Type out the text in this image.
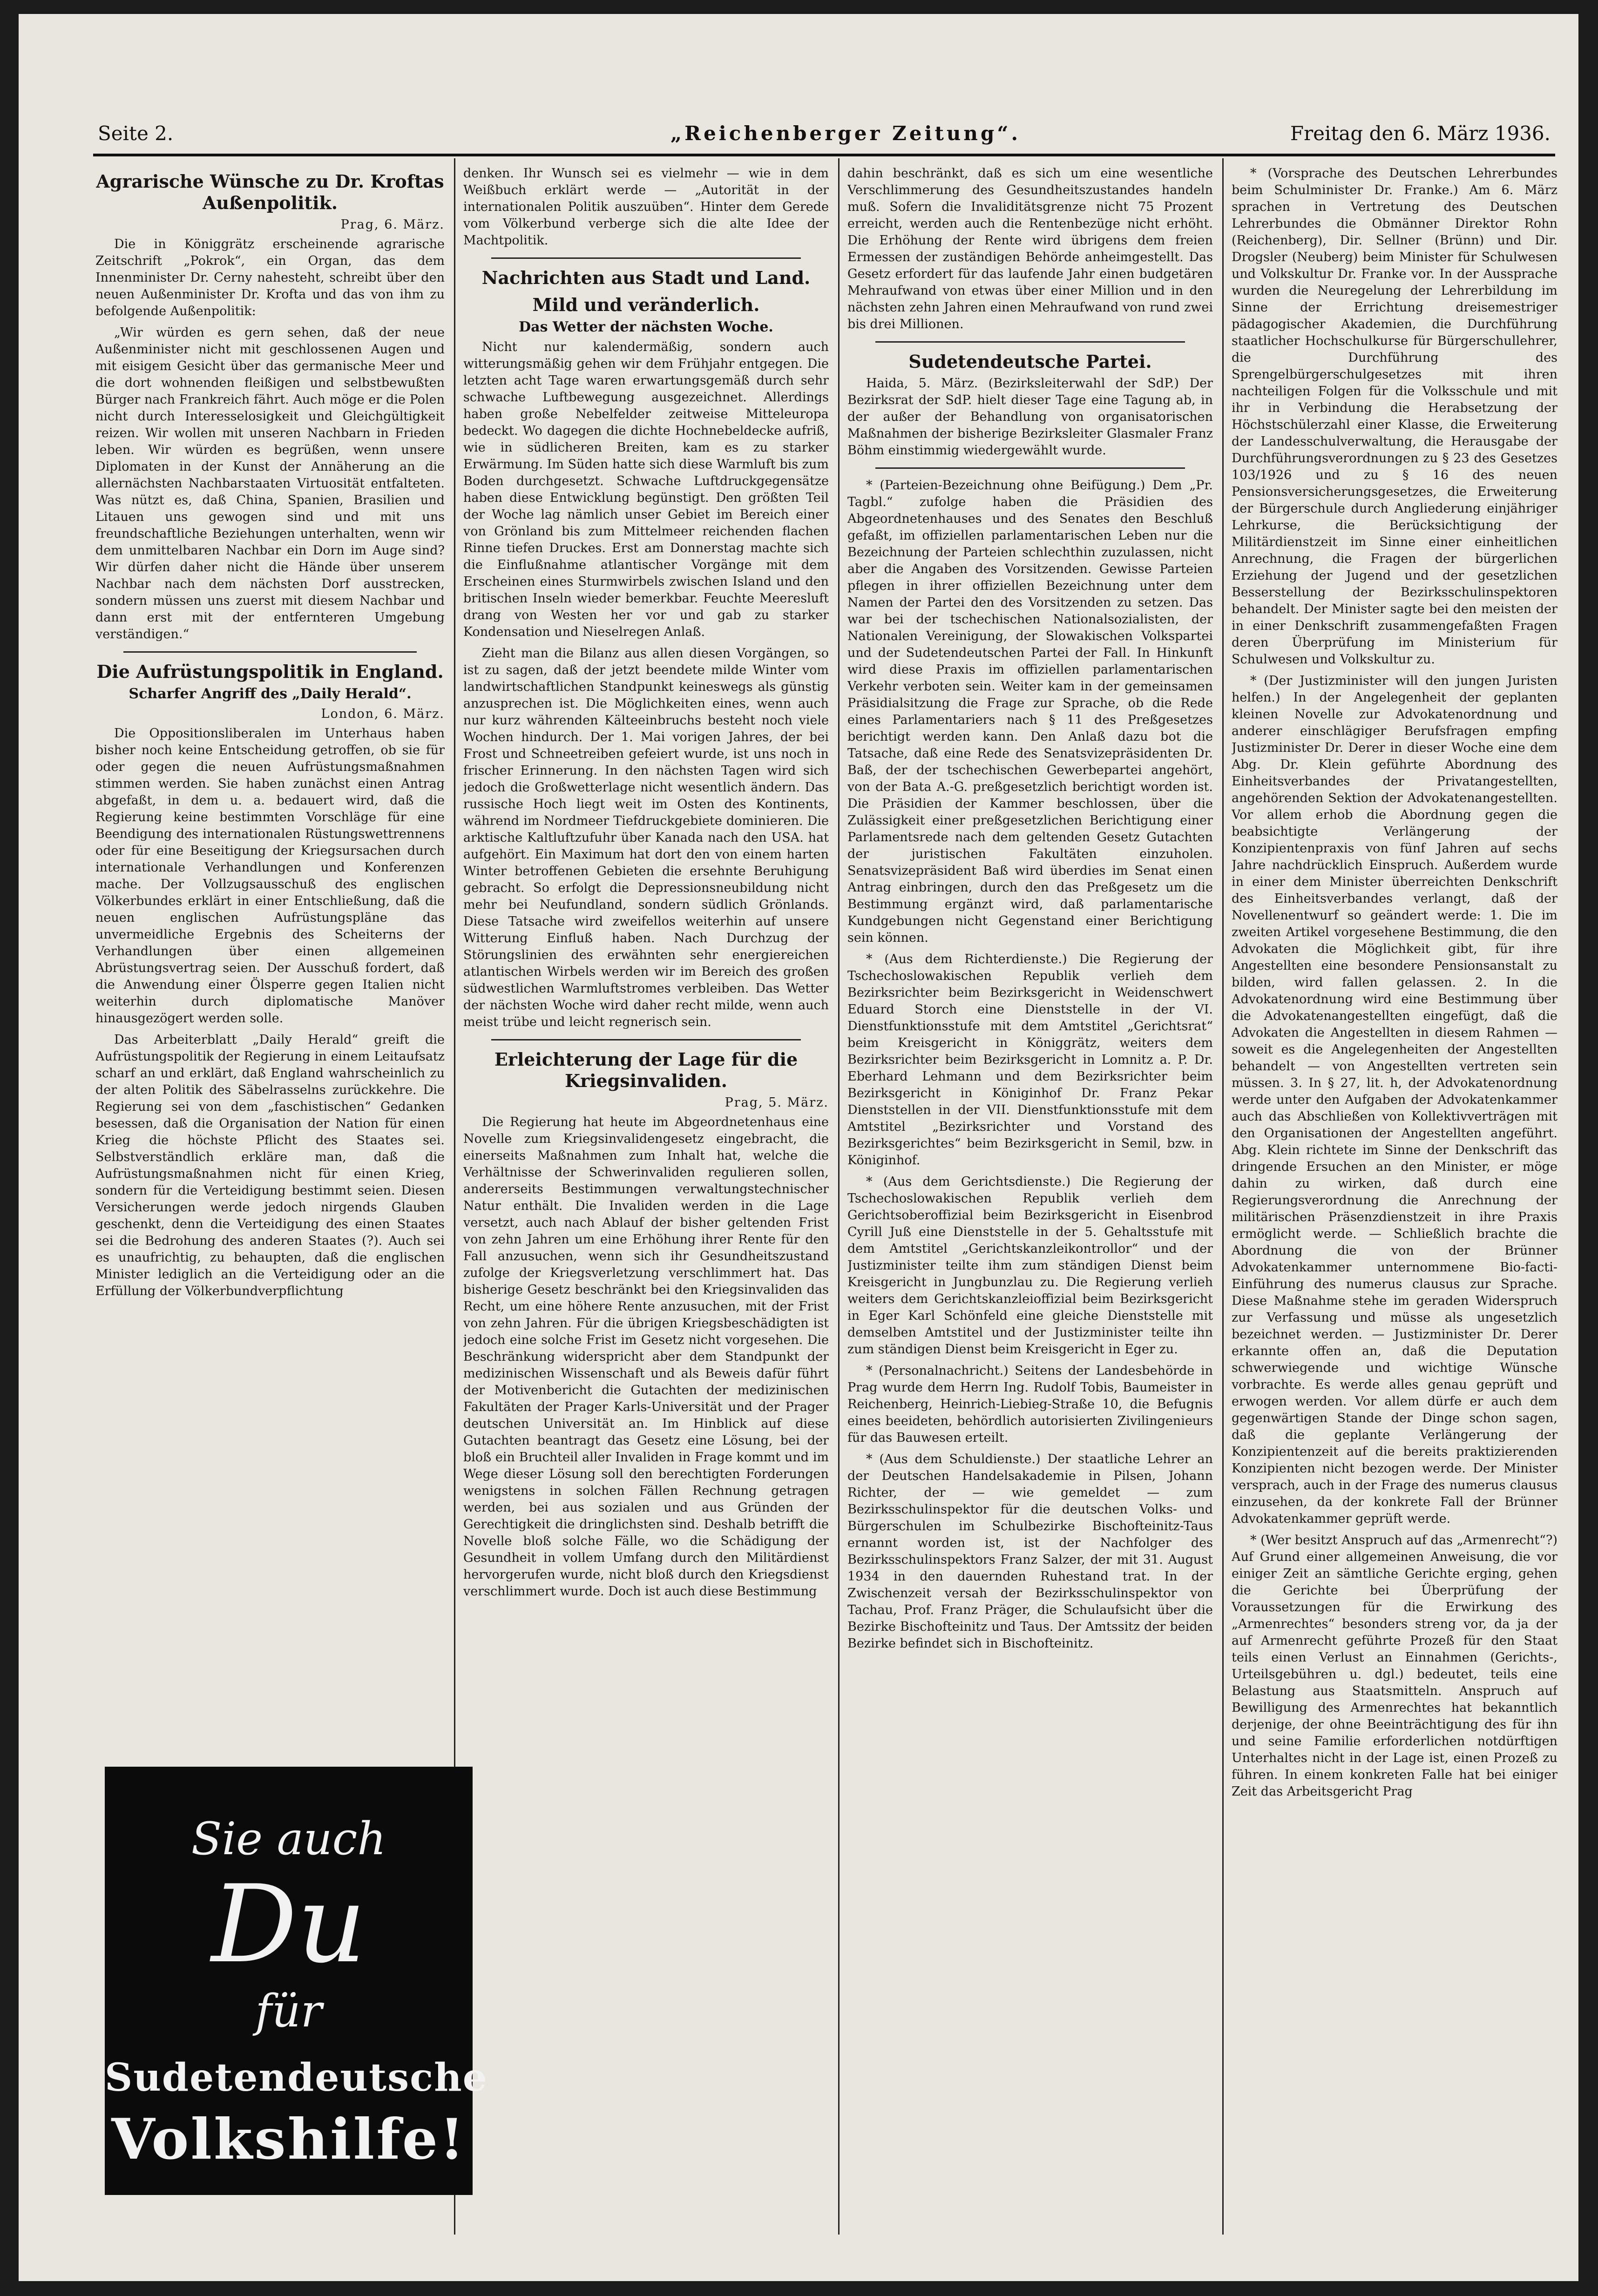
Seite 2.	„Reichenberger Zeitung“.	Freitag den 6. März 1936.
Agrarische Wünsche zu Dr. Kroftas Außenpolitik.
Prag, 6. März.

Die in Königgrätz erscheinende agrarische Zeitschrift „Pokrok“, ein Organ, das dem Innenminister Dr. Cerny nahesteht, schreibt über den neuen Außenminister Dr. Krofta und das von ihm zu befolgende Außenpolitik:

„Wir würden es gern sehen, daß der neue Außenminister nicht mit geschlossenen Augen und mit eisigem Gesicht über das germanische Meer und die dort wohnenden fleißigen und selbstbewußten Bürger nach Frankreich fährt. Auch möge er die Polen nicht durch Interesselosigkeit und Gleichgültigkeit reizen. Wir wollen mit unseren Nachbarn in Frieden leben. Wir würden es begrüßen, wenn unsere Diplomaten in der Kunst der Annäherung an die allernächsten Nachbarstaaten Virtuosität entfalteten. Was nützt es, daß China, Spanien, Brasilien und Litauen uns gewogen sind und mit uns freundschaftliche Beziehungen unterhalten, wenn wir dem unmittelbaren Nachbar ein Dorn im Auge sind? Wir dürfen daher nicht die Hände über unserem Nachbar nach dem nächsten Dorf ausstrecken, sondern müssen uns zuerst mit diesem Nachbar und dann erst mit der entfernteren Umgebung verständigen.“

Die Aufrüstungspolitik in England.
Scharfer Angriff des „Daily Herald“.
London, 6. März.

Die Oppositionsliberalen im Unterhaus haben bisher noch keine Entscheidung getroffen, ob sie für oder gegen die neuen Aufrüstungsmaßnahmen stimmen werden. Sie haben zunächst einen Antrag abgefaßt, in dem u. a. bedauert wird, daß die Regierung keine bestimmten Vorschläge für eine Beendigung des internationalen Rüstungswettrennens oder für eine Beseitigung der Kriegsursachen durch internationale Verhandlungen und Konferenzen mache. Der Vollzugsausschuß des englischen Völkerbundes erklärt in einer Entschließung, daß die neuen englischen Aufrüstungspläne das unvermeidliche Ergebnis des Scheiterns der Verhandlungen über einen allgemeinen Abrüstungsvertrag seien. Der Ausschuß fordert, daß die Anwendung einer Ölsperre gegen Italien nicht weiterhin durch diplomatische Manöver hinausgezögert werden solle.

Das Arbeiterblatt „Daily Herald“ greift die Aufrüstungspolitik der Regierung in einem Leitaufsatz scharf an und erklärt, daß England wahrscheinlich zu der alten Politik des Säbelrasselns zurückkehre. Die Regierung sei von dem „faschistischen“ Gedanken besessen, daß die Organisation der Nation für einen Krieg die höchste Pflicht des Staates sei. Selbstverständlich erkläre man, daß die Aufrüstungsmaßnahmen nicht für einen Krieg, sondern für die Verteidigung bestimmt seien. Diesen Versicherungen werde jedoch nirgends Glauben geschenkt, denn die Verteidigung des einen Staates sei die Bedrohung des anderen Staates (?). Auch sei es unaufrichtig, zu behaupten, daß die englischen Minister lediglich an die Verteidigung oder an die Erfüllung der Völkerbundverpflichtung

Sie auch
Du
für
Sudetendeutsche
Volkshilfe!

denken. Ihr Wunsch sei es vielmehr — wie in dem Weißbuch erklärt werde — „Autorität in der internationalen Politik auszuüben“. Hinter dem Gerede vom Völkerbund verberge sich die alte Idee der Machtpolitik.

Nachrichten aus Stadt und Land.
Mild und veränderlich.
Das Wetter der nächsten Woche.

Nicht nur kalendermäßig, sondern auch witterungsmäßig gehen wir dem Frühjahr entgegen. Die letzten acht Tage waren erwartungsgemäß durch sehr schwache Luftbewegung ausgezeichnet. Allerdings haben große Nebelfelder zeitweise Mitteleuropa bedeckt. Wo dagegen die dichte Hochnebeldecke aufriß, wie in südlicheren Breiten, kam es zu starker Erwärmung. Im Süden hatte sich diese Warmluft bis zum Boden durchgesetzt. Schwache Luftdruckgegensätze haben diese Entwicklung begünstigt. Den größten Teil der Woche lag nämlich unser Gebiet im Bereich einer von Grönland bis zum Mittelmeer reichenden flachen Rinne tiefen Druckes. Erst am Donnerstag machte sich die Einflußnahme atlantischer Vorgänge mit dem Erscheinen eines Sturmwirbels zwischen Island und den britischen Inseln wieder bemerkbar. Feuchte Meeresluft drang von Westen her vor und gab zu starker Kondensation und Nieselregen Anlaß.

Zieht man die Bilanz aus allen diesen Vorgängen, so ist zu sagen, daß der jetzt beendete milde Winter vom landwirtschaftlichen Standpunkt keineswegs als günstig anzusprechen ist. Die Möglichkeiten eines, wenn auch nur kurz währenden Kälteeinbruchs besteht noch viele Wochen hindurch. Der 1. Mai vorigen Jahres, der bei Frost und Schneetreiben gefeiert wurde, ist uns noch in frischer Erinnerung. In den nächsten Tagen wird sich jedoch die Großwetterlage nicht wesentlich ändern. Das russische Hoch liegt weit im Osten des Kontinents, während im Nordmeer Tiefdruckgebiete dominieren. Die arktische Kaltluftzufuhr über Kanada nach den USA. hat aufgehört. Ein Maximum hat dort den von einem harten Winter betroffenen Gebieten die ersehnte Beruhigung gebracht. So erfolgt die Depressionsneubildung nicht mehr bei Neufundland, sondern südlich Grönlands. Diese Tatsache wird zweifellos weiterhin auf unsere Witterung Einfluß haben. Nach Durchzug der Störungslinien des erwähnten sehr energiereichen atlantischen Wirbels werden wir im Bereich des großen südwestlichen Warmluftstromes verbleiben. Das Wetter der nächsten Woche wird daher recht milde, wenn auch meist trübe und leicht regnerisch sein.

Erleichterung der Lage für die Kriegsinvaliden.
Prag, 5. März.

Die Regierung hat heute im Abgeordnetenhaus eine Novelle zum Kriegsinvalidengesetz eingebracht, die einerseits Maßnahmen zum Inhalt hat, welche die Verhältnisse der Schwerinvaliden regulieren sollen, andererseits Bestimmungen verwaltungstechnischer Natur enthält. Die Invaliden werden in die Lage versetzt, auch nach Ablauf der bisher geltenden Frist von zehn Jahren um eine Erhöhung ihrer Rente für den Fall anzusuchen, wenn sich ihr Gesundheitszustand zufolge der Kriegsverletzung verschlimmert hat. Das bisherige Gesetz beschränkt bei den Kriegsinvaliden das Recht, um eine höhere Rente anzusuchen, mit der Frist von zehn Jahren. Für die übrigen Kriegsbeschädigten ist jedoch eine solche Frist im Gesetz nicht vorgesehen. Die Beschränkung widerspricht aber dem Standpunkt der medizinischen Wissenschaft und als Beweis dafür führt der Motivenbericht die Gutachten der medizinischen Fakultäten der Prager Karls-Universität und der Prager deutschen Universität an. Im Hinblick auf diese Gutachten beantragt das Gesetz eine Lösung, bei der bloß ein Bruchteil aller Invaliden in Frage kommt und im Wege dieser Lösung soll den berechtigten Forderungen wenigstens in solchen Fällen Rechnung getragen werden, bei aus sozialen und aus Gründen der Gerechtigkeit die dringlichsten sind. Deshalb betrifft die Novelle bloß solche Fälle, wo die Schädigung der Gesundheit in vollem Umfang durch den Militärdienst hervorgerufen wurde, nicht bloß durch den Kriegsdienst verschlimmert wurde. Doch ist auch diese Bestimmung

dahin beschränkt, daß es sich um eine wesentliche Verschlimmerung des Gesundheitszustandes handeln muß. Sofern die Invaliditätsgrenze nicht 75 Prozent erreicht, werden auch die Rentenbezüge nicht erhöht. Die Erhöhung der Rente wird übrigens dem freien Ermessen der zuständigen Behörde anheimgestellt. Das Gesetz erfordert für das laufende Jahr einen budgetären Mehraufwand von etwas über einer Million und in den nächsten zehn Jahren einen Mehraufwand von rund zwei bis drei Millionen.

Sudetendeutsche Partei.

Haida, 5. März. (Bezirksleiterwahl der SdP.) Der Bezirksrat der SdP. hielt dieser Tage eine Tagung ab, in der außer der Behandlung von organisatorischen Maßnahmen der bisherige Bezirksleiter Glasmaler Franz Böhm einstimmig wiedergewählt wurde.

* (Parteien-Bezeichnung ohne Beifügung.) Dem „Pr. Tagbl.“ zufolge haben die Präsidien des Abgeordnetenhauses und des Senates den Beschluß gefaßt, im offiziellen parlamentarischen Leben nur die Bezeichnung der Parteien schlechthin zuzulassen, nicht aber die Angaben des Vorsitzenden. Gewisse Parteien pflegen in ihrer offiziellen Bezeichnung unter dem Namen der Partei den des Vorsitzenden zu setzen. Das war bei der tschechischen Nationalsozialisten, der Nationalen Vereinigung, der Slowakischen Volkspartei und der Sudetendeutschen Partei der Fall. In Hinkunft wird diese Praxis im offiziellen parlamentarischen Verkehr verboten sein. Weiter kam in der gemeinsamen Präsidialsitzung die Frage zur Sprache, ob die Rede eines Parlamentariers nach § 11 des Preßgesetzes berichtigt werden kann. Den Anlaß dazu bot die Tatsache, daß eine Rede des Senatsvizepräsidenten Dr. Baß, der der tschechischen Gewerbepartei angehört, von der Bata A.-G. preßgesetzlich berichtigt worden ist. Die Präsidien der Kammer beschlossen, über die Zulässigkeit einer preßgesetzlichen Berichtigung einer Parlamentsrede nach dem geltenden Gesetz Gutachten der juristischen Fakultäten einzuholen. Senatsvizepräsident Baß wird überdies im Senat einen Antrag einbringen, durch den das Preßgesetz um die Bestimmung ergänzt wird, daß parlamentarische Kundgebungen nicht Gegenstand einer Berichtigung sein können.

* (Aus dem Richterdienste.) Die Regierung der Tschechoslowakischen Republik verlieh dem Bezirksrichter beim Bezirksgericht in Weidenschwert Eduard Storch eine Dienststelle in der VI. Dienstfunktionsstufe mit dem Amtstitel „Gerichtsrat“ beim Kreisgericht in Königgrätz, weiters dem Bezirksrichter beim Bezirksgericht in Lomnitz a. P. Dr. Eberhard Lehmann und dem Bezirksrichter beim Bezirksgericht in Königinhof Dr. Franz Pekar Dienststellen in der VII. Dienstfunktionsstufe mit dem Amtstitel „Bezirksrichter und Vorstand des Bezirksgerichtes“ beim Bezirksgericht in Semil, bzw. in Königinhof.

* (Aus dem Gerichtsdienste.) Die Regierung der Tschechoslowakischen Republik verlieh dem Gerichtsoberoffizial beim Bezirksgericht in Eisenbrod Cyrill Juß eine Dienststelle in der 5. Gehaltsstufe mit dem Amtstitel „Gerichtskanzleikontrollor“ und der Justizminister teilte ihm zum ständigen Dienst beim Kreisgericht in Jungbunzlau zu. Die Regierung verlieh weiters dem Gerichtskanzleioffizial beim Bezirksgericht in Eger Karl Schönfeld eine gleiche Dienststelle mit demselben Amtstitel und der Justizminister teilte ihn zum ständigen Dienst beim Kreisgericht in Eger zu.

* (Personalnachricht.) Seitens der Landesbehörde in Prag wurde dem Herrn Ing. Rudolf Tobis, Baumeister in Reichenberg, Heinrich-Liebieg-Straße 10, die Befugnis eines beeideten, behördlich autorisierten Zivilingenieurs für das Bauwesen erteilt.

* (Aus dem Schuldienste.) Der staatliche Lehrer an der Deutschen Handelsakademie in Pilsen, Johann Richter, der — wie gemeldet — zum Bezirksschulinspektor für die deutschen Volks- und Bürgerschulen im Schulbezirke Bischofteinitz-Taus ernannt worden ist, ist der Nachfolger des Bezirksschulinspektors Franz Salzer, der mit 31. August 1934 in den dauernden Ruhestand trat. In der Zwischenzeit versah der Bezirksschulinspektor von Tachau, Prof. Franz Präger, die Schulaufsicht über die Bezirke Bischofteinitz und Taus. Der Amtssitz der beiden Bezirke befindet sich in Bischofteinitz.

* (Vorsprache des Deutschen Lehrerbundes beim Schulminister Dr. Franke.) Am 6. März sprachen in Vertretung des Deutschen Lehrerbundes die Obmänner Direktor Rohn (Reichenberg), Dir. Sellner (Brünn) und Dir. Drogsler (Neuberg) beim Minister für Schulwesen und Volkskultur Dr. Franke vor. In der Aussprache wurden die Neuregelung der Lehrerbildung im Sinne der Errichtung dreisemestriger pädagogischer Akademien, die Durchführung staatlicher Hochschulkurse für Bürgerschullehrer, die Durchführung des Sprengelbürgerschulgesetzes mit ihren nachteiligen Folgen für die Volksschule und mit ihr in Verbindung die Herabsetzung der Höchstschülerzahl einer Klasse, die Erweiterung der Landesschulverwaltung, die Herausgabe der Durchführungsverordnungen zu § 23 des Gesetzes 103/1926 und zu § 16 des neuen Pensionsversicherungsgesetzes, die Erweiterung der Bürgerschule durch Angliederung einjähriger Lehrkurse, die Berücksichtigung der Militärdienstzeit im Sinne einer einheitlichen Anrechnung, die Fragen der bürgerlichen Erziehung der Jugend und der gesetzlichen Besserstellung der Bezirksschulinspektoren behandelt. Der Minister sagte bei den meisten der in einer Denkschrift zusammengefaßten Fragen deren Überprüfung im Ministerium für Schulwesen und Volkskultur zu.

* (Der Justizminister will den jungen Juristen helfen.) In der Angelegenheit der geplanten kleinen Novelle zur Advokatenordnung und anderer einschlägiger Berufsfragen empfing Justizminister Dr. Derer in dieser Woche eine dem Abg. Dr. Klein geführte Abordnung des Einheitsverbandes der Privatangestellten, angehörenden Sektion der Advokatenangestellten. Vor allem erhob die Abordnung gegen die beabsichtigte Verlängerung der Konzipientenpraxis von fünf Jahren auf sechs Jahre nachdrücklich Einspruch. Außerdem wurde in einer dem Minister überreichten Denkschrift des Einheitsverbandes verlangt, daß der Novellenentwurf so geändert werde: 1. Die im zweiten Artikel vorgesehene Bestimmung, die den Advokaten die Möglichkeit gibt, für ihre Angestellten eine besondere Pensionsanstalt zu bilden, wird fallen gelassen. 2. In die Advokatenordnung wird eine Bestimmung über die Advokatenangestellten eingefügt, daß die Advokaten die Angestellten in diesem Rahmen — soweit es die Angelegenheiten der Angestellten behandelt — von Angestellten vertreten sein müssen. 3. In § 27, lit. h, der Advokatenordnung werde unter den Aufgaben der Advokatenkammer auch das Abschließen von Kollektivverträgen mit den Organisationen der Angestellten angeführt. Abg. Klein richtete im Sinne der Denkschrift das dringende Ersuchen an den Minister, er möge dahin zu wirken, daß durch eine Regierungsverordnung die Anrechnung der militärischen Präsenzdienstzeit in ihre Praxis ermöglicht werde. — Schließlich brachte die Abordnung die von der Brünner Advokatenkammer unternommene Bio-facti-Einführung des numerus clausus zur Sprache. Diese Maßnahme stehe im geraden Widerspruch zur Verfassung und müsse als ungesetzlich bezeichnet werden. — Justizminister Dr. Derer erkannte offen an, daß die Deputation schwerwiegende und wichtige Wünsche vorbrachte. Es werde alles genau geprüft und erwogen werden. Vor allem dürfe er auch dem gegenwärtigen Stande der Dinge schon sagen, daß die geplante Verlängerung der Konzipientenzeit auf die bereits praktizierenden Konzipienten nicht bezogen werde. Der Minister versprach, auch in der Frage des numerus clausus einzusehen, da der konkrete Fall der Brünner Advokatenkammer geprüft werde.

* (Wer besitzt Anspruch auf das „Armenrecht“?) Auf Grund einer allgemeinen Anweisung, die vor einiger Zeit an sämtliche Gerichte erging, gehen die Gerichte bei Überprüfung der Voraussetzungen für die Erwirkung des „Armenrechtes“ besonders streng vor, da ja der auf Armenrecht geführte Prozeß für den Staat teils einen Verlust an Einnahmen (Gerichts-, Urteilsgebühren u. dgl.) bedeutet, teils eine Belastung aus Staatsmitteln. Anspruch auf Bewilligung des Armenrechtes hat bekanntlich derjenige, der ohne Beeinträchtigung des für ihn und seine Familie erforderlichen notdürftigen Unterhaltes nicht in der Lage ist, einen Prozeß zu führen. In einem konkreten Falle hat bei einiger Zeit das Arbeitsgericht Prag
